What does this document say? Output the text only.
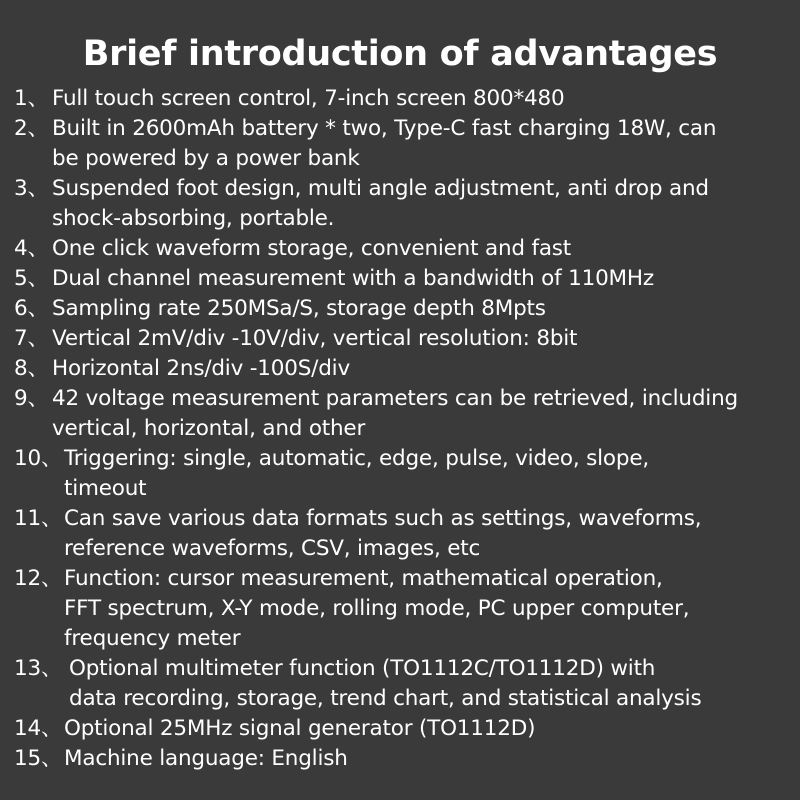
Brief introduction of advantages
1、 Full touch screen control, 7-inch screen 800*480
2、 Built in 2600mAh battery * two, Type-C fast charging 18W, can
be powered by a power bank
3、 Suspended foot design, multi angle adjustment, anti drop and
shock-absorbing, portable.
4、 One click waveform storage, convenient and fast
5、 Dual channel measurement with a bandwidth of 110MHz
6、 Sampling rate 250MSa/S, storage depth 8Mpts
7、 Vertical 2mV/div -10V/div, vertical resolution: 8bit
8、 Horizontal 2ns/div -100S/div
9、 42 voltage measurement parameters can be retrieved, including
vertical, horizontal, and other
10、 Triggering: single, automatic, edge, pulse, video, slope,
timeout
11、 Can save various data formats such as settings, waveforms,
reference waveforms, CSV, images, etc
12、 Function: cursor measurement, mathematical operation,
FFT spectrum, X-Y mode, rolling mode, PC upper computer,
frequency meter
13、 Optional multimeter function (TO1112C/TO1112D) with
data recording, storage, trend chart, and statistical analysis
14、 Optional 25MHz signal generator (TO1112D)
15、 Machine language: English
